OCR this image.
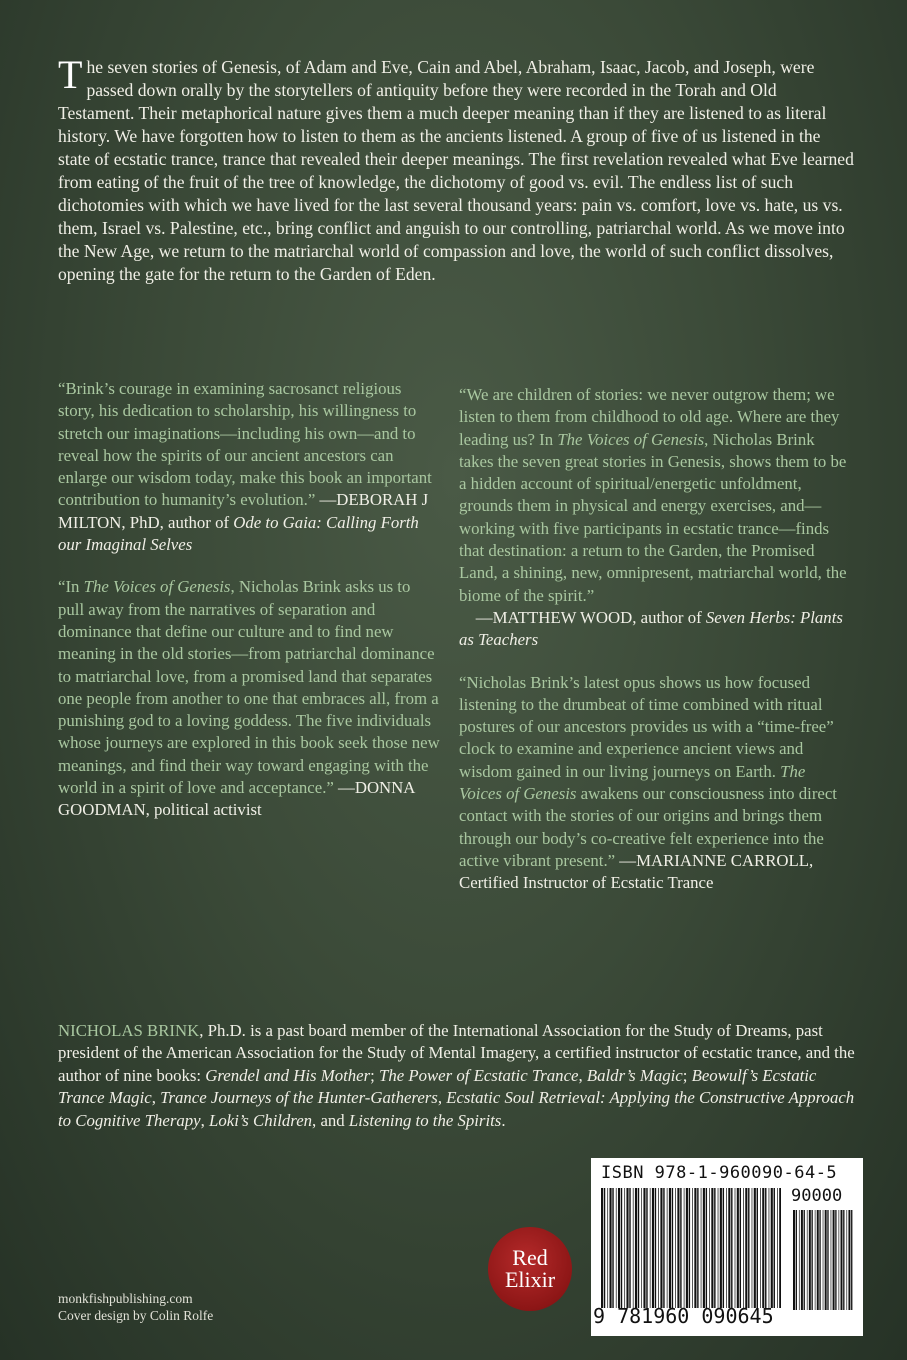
The seven stories of Genesis, of Adam and Eve, Cain and Abel, Abraham, Isaac, Jacob, and Joseph, were passed down orally by the storytellers of antiquity before they were recorded in the Torah and Old Testament. Their metaphorical nature gives them a much deeper meaning than if they are listened to as literal history. We have forgotten how to listen to them as the ancients listened. A group of five of us listened in the state of ecstatic trance, trance that revealed their deeper meanings. The first revelation revealed what Eve learned from eating of the fruit of the tree of knowledge, the dichotomy of good vs. evil. The endless list of such dichotomies with which we have lived for the last several thousand years: pain vs. comfort, love vs. hate, us vs. them, Israel vs. Palestine, etc., bring conflict and anguish to our controlling, patriarchal world. As we move into the New Age, we return to the matriarchal world of compassion and love, the world of such conflict dissolves, opening the gate for the return to the Garden of Eden.

“Brink’s courage in examining sacrosanct religious story, his dedication to scholarship, his willingness to stretch our imaginations—including his own—and to reveal how the spirits of our ancient ancestors can enlarge our wisdom today, make this book an important contribution to humanity’s evolution.” —DEBORAH J MILTON, PhD, author of Ode to Gaia: Calling Forth our Imaginal Selves

“In The Voices of Genesis, Nicholas Brink asks us to pull away from the narratives of separation and dominance that define our culture and to find new meaning in the old stories—from patriarchal dominance to matriarchal love, from a promised land that separates one people from another to one that embraces all, from a punishing god to a loving goddess. The five individuals whose journeys are explored in this book seek those new meanings, and find their way toward engaging with the world in a spirit of love and acceptance.” —DONNA GOODMAN, political activist

“We are children of stories: we never outgrow them; we listen to them from childhood to old age. Where are they leading us? In The Voices of Genesis, Nicholas Brink takes the seven great stories in Genesis, shows them to be a hidden account of spiritual/energetic unfoldment, grounds them in physical and energy exercises, and—working with five participants in ecstatic trance—finds that destination: a return to the Garden, the Promised Land, a shining, new, omnipresent, matriarchal world, the biome of the spirit.”    —MATTHEW WOOD, author of Seven Herbs: Plants as Teachers

“Nicholas Brink’s latest opus shows us how focused listening to the drumbeat of time combined with ritual postures of our ancestors provides us with a “time-free” clock to examine and experience ancient views and wisdom gained in our living journeys on Earth. The Voices of Genesis awakens our consciousness into direct contact with the stories of our origins and brings them through our body’s co-creative felt experience into the active vibrant present.” —MARIANNE CARROLL, Certified Instructor of Ecstatic Trance

NICHOLAS BRINK, Ph.D. is a past board member of the International Association for the Study of Dreams, past president of the American Association for the Study of Mental Imagery, a certified instructor of ecstatic trance, and the author of nine books: Grendel and His Mother; The Power of Ecstatic Trance, Baldr’s Magic; Beowulf’s Ecstatic Trance Magic, Trance Journeys of the Hunter-Gatherers, Ecstatic Soul Retrieval: Applying the Constructive Approach to Cognitive Therapy, Loki’s Children, and Listening to the Spirits.
monkfishpublishing.com
Cover design by Colin Rolfe
Red
Elixir
ISBN 978-1-960090-64-5
90000
9 781960 090645
